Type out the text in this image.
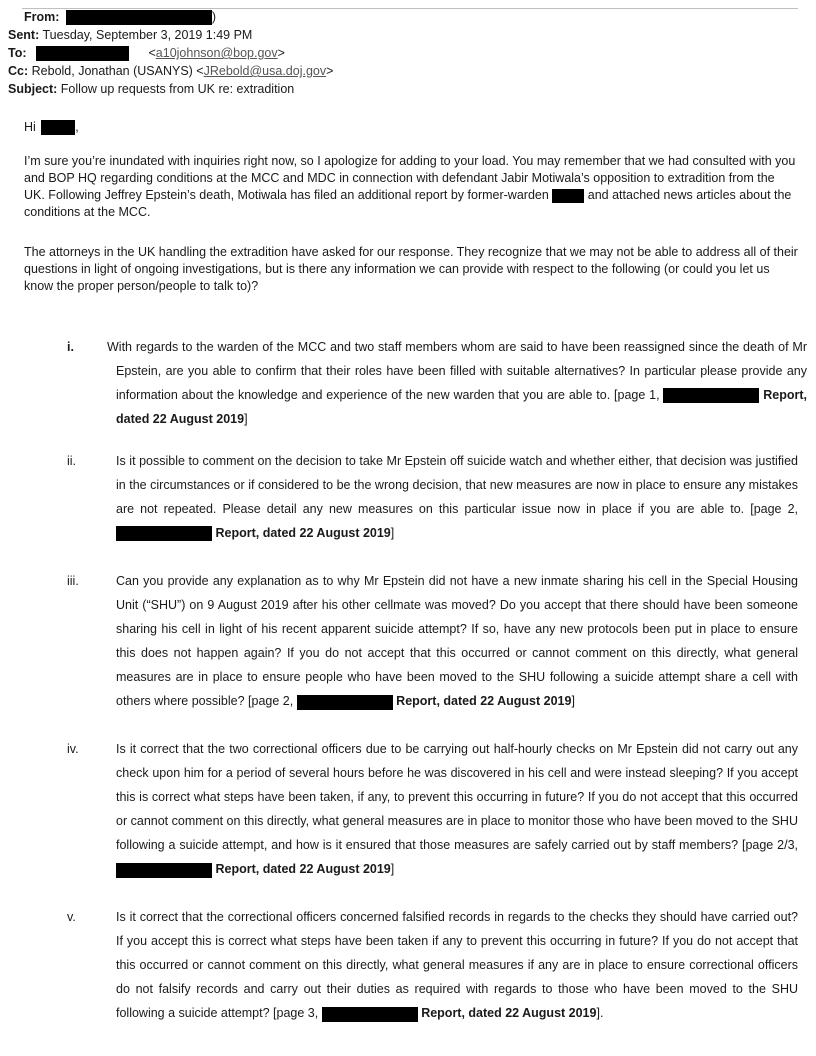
From:	)
Sent: Tuesday, September 3, 2019 1:49 PM
To:	<a10johnson@bop.gov>
Cc: Rebold, Jonathan (USANYS) <JRebold@usa.doj.gov>
Subject: Follow up requests from UK re: extradition
Hi	,
I’m sure you’re inundated with inquiries right now, so I apologize for adding to your load. You may remember that we had consulted with you and BOP HQ regarding conditions at the MCC and MDC in connection with defendant Jabir Motiwala’s opposition to extradition from the UK. Following Jeffrey Epstein’s death, Motiwala has filed an additional report by former-warden	and attached news articles about the conditions at the MCC.
The attorneys in the UK handling the extradition have asked for our response. They recognize that we may not be able to address all of their questions in light of ongoing investigations, but is there any information we can provide with respect to the following (or could you let us know the proper person/people to talk to)?
i.	With regards to the warden of the MCC and two staff members whom are said to have been reassigned since the death of Mr Epstein, are you able to confirm that their roles have been filled with suitable alternatives? In particular please provide any information about the knowledge and experience of the new warden that you are able to. [page 1,	Report, dated 22 August 2019]
ii.	Is it possible to comment on the decision to take Mr Epstein off suicide watch and whether either, that decision was justified in the circumstances or if considered to be the wrong decision, that new measures are now in place to ensure any mistakes are not repeated. Please detail any new measures on this particular issue now in place if you are able to. [page 2,  Report, dated 22 August 2019]
iii.	Can you provide any explanation as to why Mr Epstein did not have a new inmate sharing his cell in the Special Housing Unit (“SHU”) on 9 August 2019 after his other cellmate was moved? Do you accept that there should have been someone sharing his cell in light of his recent apparent suicide attempt? If so, have any new protocols been put in place to ensure this does not happen again? If you do not accept that this occurred or cannot comment on this directly, what general measures are in place to ensure people who have been moved to the SHU following a suicide attempt share a cell with others where possible? [page 2,	Report, dated 22 August 2019]
iv.	Is it correct that the two correctional officers due to be carrying out half-hourly checks on Mr Epstein did not carry out any check upon him for a period of several hours before he was discovered in his cell and were instead sleeping? If you accept this is correct what steps have been taken, if any, to prevent this occurring in future? If you do not accept that this occurred or cannot comment on this directly, what general measures are in place to monitor those who have been moved to the SHU following a suicide attempt, and how is it ensured that those measures are safely carried out by staff members? [page 2/3,  Report, dated 22 August 2019]
v.	Is it correct that the correctional officers concerned falsified records in regards to the checks they should have carried out? If you accept this is correct what steps have been taken if any to prevent this occurring in future? If you do not accept that this occurred or cannot comment on this directly, what general measures if any are in place to ensure correctional officers do not falsify records and carry out their duties as required with regards to those who have been moved to the SHU following a suicide attempt? [page 3,	Report, dated 22 August 2019].
